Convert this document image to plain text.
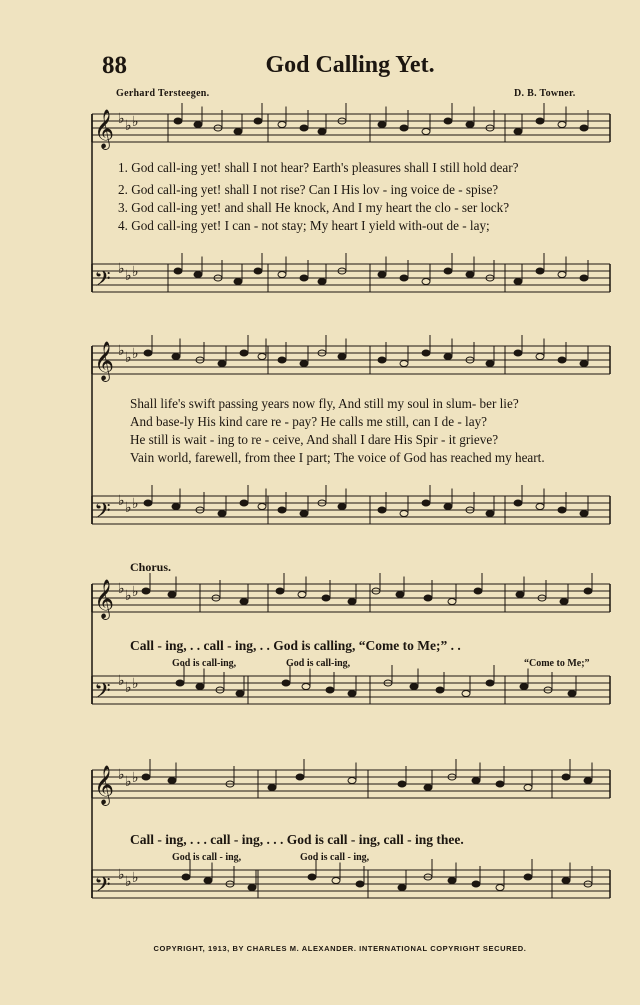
88	God Calling Yet.
Gerhard Tersteegen.	D. B. Towner.
𝄞 ♭ ♭ ♭
𝄢 ♭ ♭ ♭
𝄞 ♭ ♭ ♭
𝄢 ♭ ♭ ♭
𝄞 ♭ ♭ ♭
𝄢 ♭ ♭ ♭
𝄞 ♭ ♭ ♭
𝄢 ♭ ♭ ♭
1. God call-ing yet! shall I not hear? Earth's pleasures shall I still hold dear?
2. God call-ing yet! shall I not rise? Can I His lov - ing voice de - spise?
3. God call-ing yet! and shall He knock, And I my heart the clo - ser lock?
4. God call-ing yet! I can - not stay; My heart I yield with-out de - lay;
Shall life's swift passing years now fly, And still my soul in slum- ber lie?
And base-ly His kind care re - pay? He calls me still, can I de - lay?
He still is wait - ing to re - ceive, And shall I dare His Spir - it grieve?
Vain world, farewell, from thee I part; The voice of God has reached my heart.
Chorus.
Call - ing, . . call - ing, . . God is calling, “Come to Me;” . .
God is call-ing,	God is call-ing,	“Come to Me;”
Call - ing, . . . call - ing, . . . God is call - ing, call - ing thee.
God is call - ing,	God is call - ing,
COPYRIGHT, 1913, BY CHARLES M. ALEXANDER. INTERNATIONAL COPYRIGHT SECURED.
